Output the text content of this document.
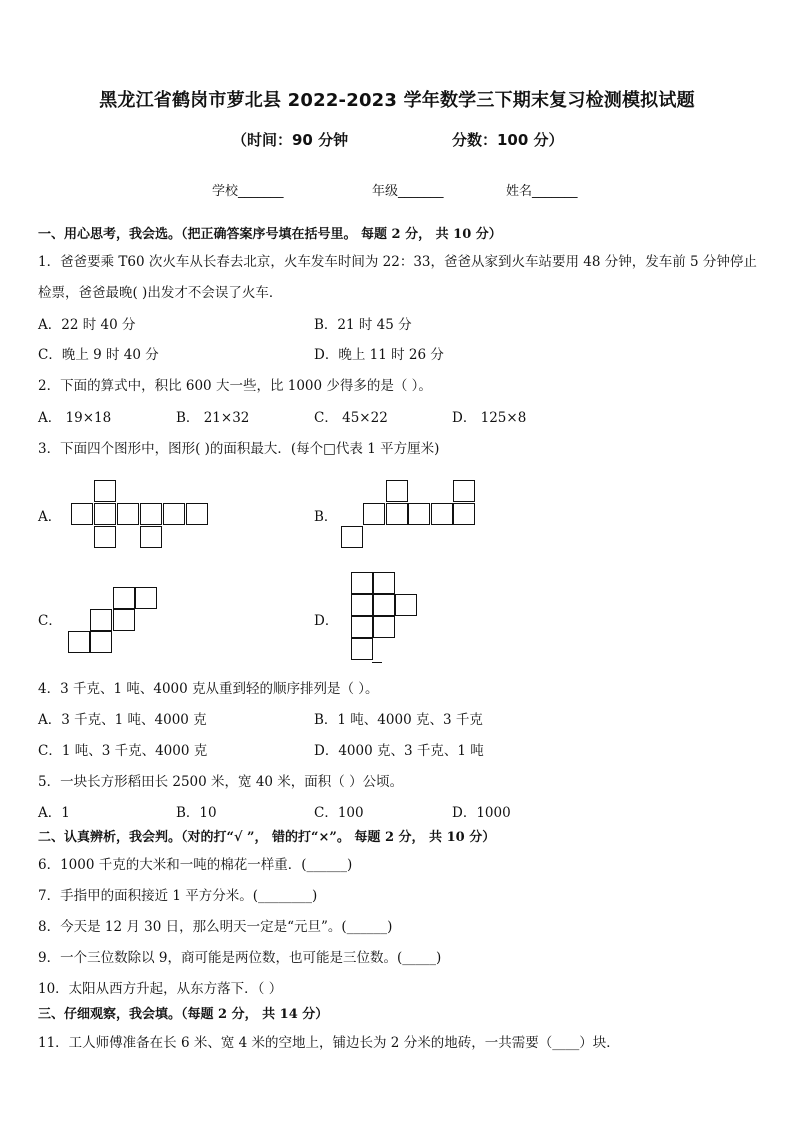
黑龙江省鹤岗市萝北县 2022-2023 学年数学三下期末复习检测模拟试题
（时间：90 分钟	分数：100 分）
学校_______	年级_______	姓名_______
一、用心思考，我会选。（把正确答案序号填在括号里。 每题 2 分， 共 10 分）
1．爸爸要乘 T60 次火车从长春去北京，火车发车时间为 22：33，爸爸从家到火车站要用 48 分钟，发车前 5 分钟停止
检票，爸爸最晚( )出发才不会误了火车．
A．22 时 40 分	B．21 时 45 分
C．晚上 9 时 40 分	D．晚上 11 时 26 分
2．下面的算式中，积比 600 大一些，比 1000 少得多的是（ ）。
A． 19×18	B． 21×32	C． 45×22	D． 125×8
3．下面四个图形中，图形( )的面积最大．(每个□代表 1 平方厘米)
A．	B．
C．	D．
4．3 千克、1 吨、4000 克从重到轻的顺序排列是（ ）。
A．3 千克、1 吨、4000 克	B．1 吨、4000 克、3 千克
C．1 吨、3 千克、4000 克	D．4000 克、3 千克、1 吨
5．一块长方形稻田长 2500 米，宽 40 米，面积（ ）公顷。
A．1	B．10	C．100	D．1000
二、认真辨析，我会判。（对的打“√ ”， 错的打“×”。 每题 2 分， 共 10 分）
6．1000 千克的大米和一吨的棉花一样重．(______)
7．手指甲的面积接近 1 平方分米。(________)
8．今天是 12 月 30 日，那么明天一定是“元旦”。(______)
9．一个三位数除以 9，商可能是两位数，也可能是三位数。(_____)
10．太阳从西方升起，从东方落下．（ ）
三、仔细观察，我会填。（每题 2 分， 共 14 分）
11．工人师傅准备在长 6 米、宽 4 米的空地上，铺边长为 2 分米的地砖，一共需要（____）块．
